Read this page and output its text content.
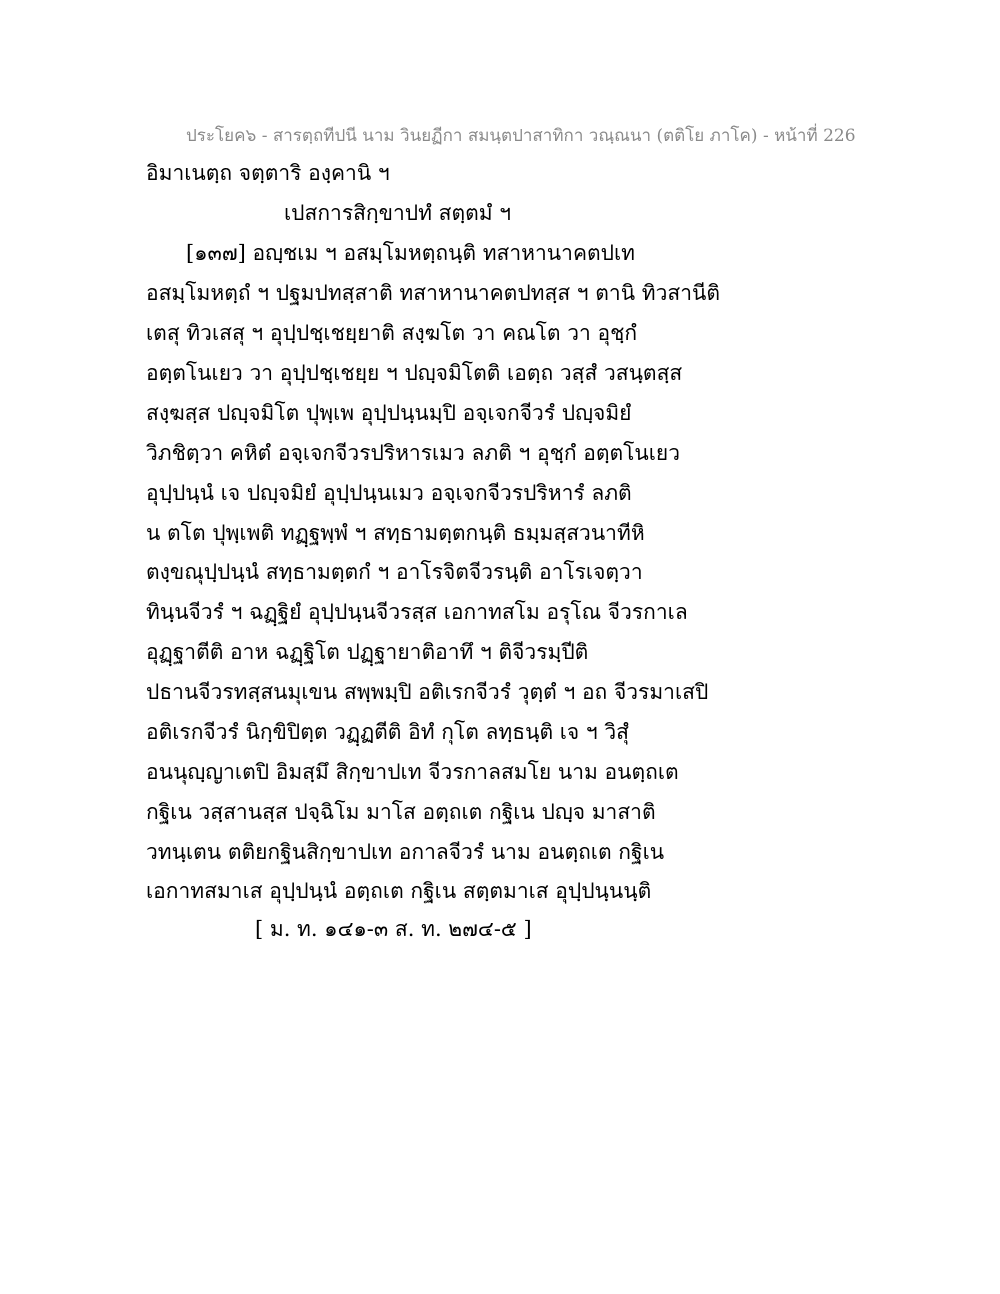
ประโยค๖ - สารตฺถทีปนี นาม วินยฏีกา สมนฺตปาสาทิกา วณฺณนา (ตติโย ภาโค) - หน้าที่ 226
อิมาเนตฺถ จตฺตาริ องฺคานิ ฯ
เปสการสิกฺขาปทํ สตฺตมํ ฯ
[๑๓๗] อญฺชเม ฯ อสมฺโมหตฺถนฺติ ทสาหานาคตปเท
อสมฺโมหตฺถํ ฯ ปฐมปทสฺสาติ ทสาหานาคตปทสฺส ฯ ตานิ ทิวสานีติ
เตสุ ทิวเสสุ ฯ อุปฺปชฺเชยฺยาติ สงฺฆโต วา คณโต วา อุชฺกํ
อตฺตโนเยว วา อุปฺปชฺเชยฺย ฯ ปญฺจมิโตติ เอตฺถ วสฺสํ วสนฺตสฺส
สงฺฆสฺส ปญฺจมิโต ปุพฺเพ อุปฺปนฺนมฺปิ อจฺเจกจีวรํ ปญฺจมิยํ
วิภชิตฺวา คหิตํ อจฺเจกจีวรปริหารเมว ลภติ ฯ อุชฺกํ อตฺตโนเยว
อุปฺปนฺนํ เจ ปญฺจมิยํ อุปฺปนฺนเมว อจฺเจกจีวรปริหารํ ลภติ
น ตโต ปุพฺเพติ ทฏฺฐพฺพํ ฯ สทฺธามตฺตกนฺติ ธมฺมสฺสวนาทีหิ
ตงฺขณุปฺปนฺนํ สทฺธามตฺตกํ ฯ อาโรจิตจีวรนฺติ อาโรเจตฺวา
ทินฺนจีวรํ ฯ ฉฏฺฐิยํ อุปฺปนฺนจีวรสฺส เอกาทสโม อรุโณ จีวรกาเล
อุฏฺฐาตีติ อาห ฉฏฺฐิโต ปฏฺฐายาติอาทึ ฯ ติจีวรมฺปีติ
ปธานจีวรทสฺสนมุเขน สพฺพมฺปิ อติเรกจีวรํ วุตฺตํ ฯ อถ จีวรมาเสปิ
อติเรกจีวรํ นิกฺขิปิตฺต วฏฺฏตีติ อิทํ กุโต ลทฺธนฺติ เจ ฯ วิสุํ
อนนุญฺญาเตปิ อิมสฺมึ สิกฺขาปเท จีวรกาลสมโย นาม อนตฺถเต
กฐิเน วสฺสานสฺส ปจฺฉิโม มาโส อตฺถเต กฐิเน ปญฺจ มาสาติ
วทนฺเตน ตติยกฐินสิกฺขาปเท อกาลจีวรํ นาม อนตฺถเต กฐิเน
เอกาทสมาเส อุปฺปนฺนํ อตฺถเต กฐิเน สตฺตมาเส อุปฺปนฺนนฺติ
[ ม. ท. ๑๔๑-๓ ส. ท. ๒๗๔-๕ ]
